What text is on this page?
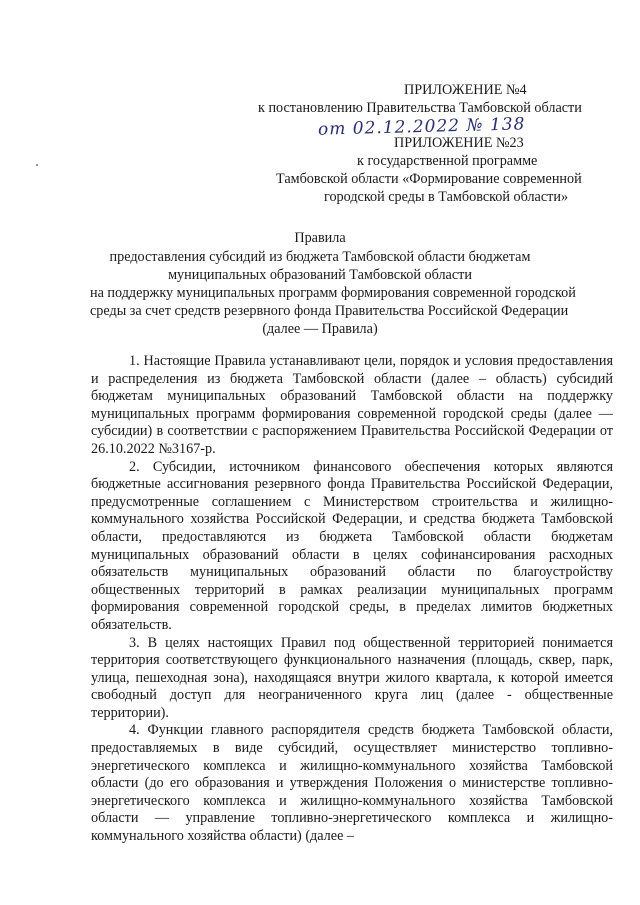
ПРИЛОЖЕНИЕ №4
к постановлению Правительства Тамбовской области
от 02.12.2022 № 138
ПРИЛОЖЕНИЕ №23
к государственной программе
Тамбовской области «Формирование современной
городской среды в Тамбовской области»
Правила
предоставления субсидий из бюджета Тамбовской области бюджетам
муниципальных образований Тамбовской области
на поддержку муниципальных программ формирования современной городской
среды за счет средств резервного фонда Правительства Российской Федерации
(далее — Правила)

1. Настоящие Правила устанавливают цели, порядок и условия предоставления и распределения из бюджета Тамбовской области (далее – область) субсидий бюджетам муниципальных образований Тамбовской области на поддержку муниципальных программ формирования современной городской среды (далее — субсидии) в соответствии с распоряжением Правительства Российской Федерации от 26.10.2022 №3167-р.

2. Субсидии, источником финансового обеспечения которых являются бюджетные ассигнования резервного фонда Правительства Российской Федерации, предусмотренные соглашением с Министерством строительства и жилищно-коммунального хозяйства Российской Федерации, и средства бюджета Тамбовской области, предоставляются из бюджета Тамбовской области бюджетам муниципальных образований области в целях софинансирования расходных обязательств муниципальных образований области по благоустройству общественных территорий в рамках реализации муниципальных программ формирования современной городской среды, в пределах лимитов бюджетных обязательств.

3. В целях настоящих Правил под общественной территорией понимается территория соответствующего функционального назначения (площадь, сквер, парк, улица, пешеходная зона), находящаяся внутри жилого квартала, к которой имеется свободный доступ для неограниченного круга лиц (далее - общественные территории).

4. Функции главного распорядителя средств бюджета Тамбовской области, предоставляемых в виде субсидий, осуществляет министерство топливно-энергетического комплекса и жилищно-коммунального хозяйства Тамбовской области (до его образования и утверждения Положения о министерстве топливно-энергетического комплекса и жилищно-коммунального хозяйства Тамбовской области — управление топливно-энергетического комплекса и жилищно-коммунального хозяйства области) (далее –
